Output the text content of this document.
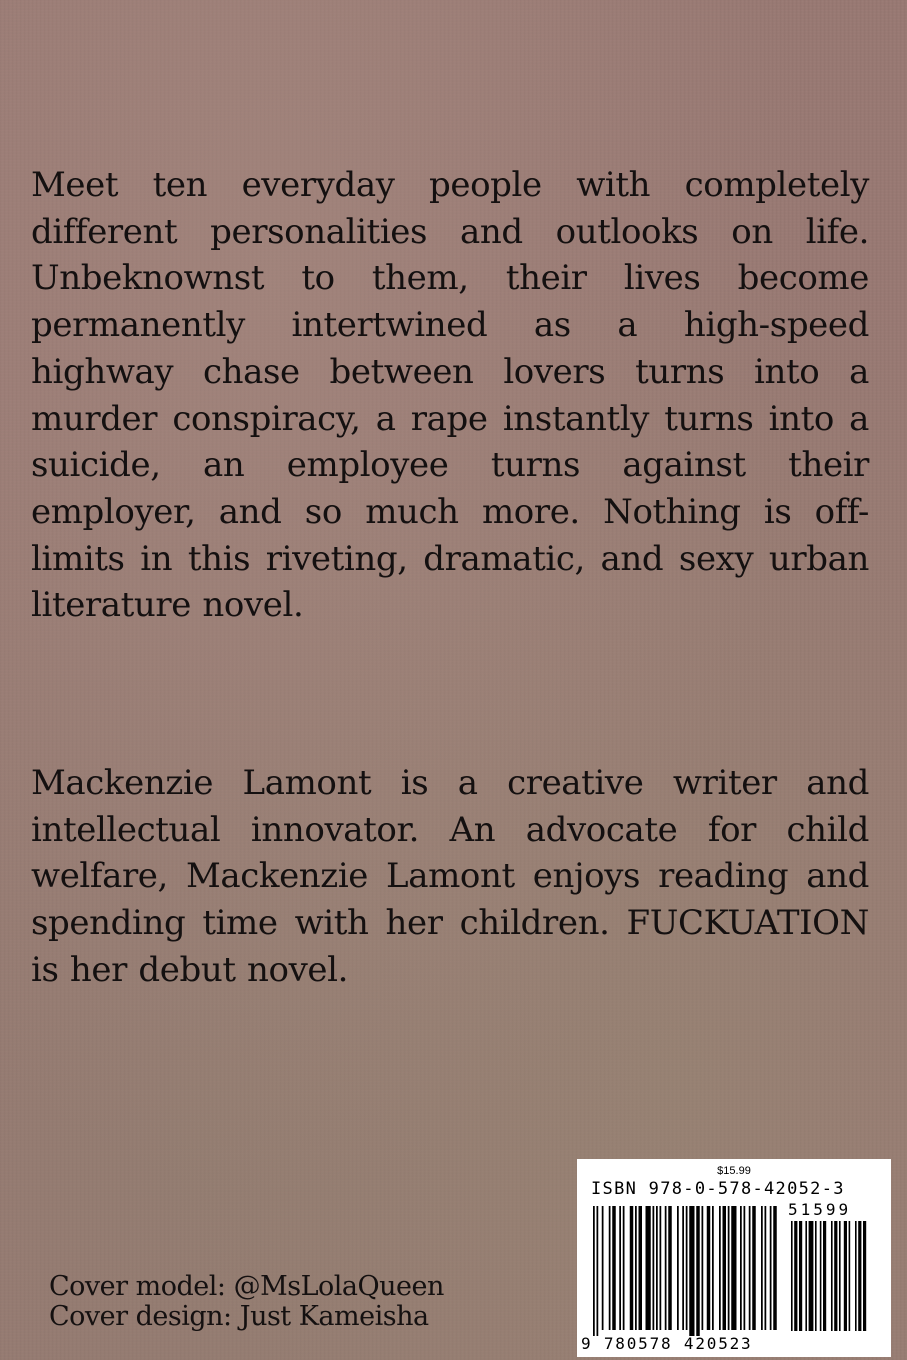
Meet ten everyday people with completely different personalities and outlooks on life. Unbeknownst to them, their lives become permanently intertwined as a high-speed highway chase between lovers turns into a murder conspiracy, a rape instantly turns into a suicide, an employee turns against their employer, and so much more. Nothing is off-limits in this riveting, dramatic, and sexy urban literature novel.

Mackenzie Lamont is a creative writer and intellectual innovator. An advocate for child welfare, Mackenzie Lamont enjoys reading and spending time with her children. FUCKUATION is her debut novel.

Cover model: @MsLolaQueen
Cover design: Just Kameisha
$15.99
ISBN 978-0-578-42052-3
51599
9 780578 420523
